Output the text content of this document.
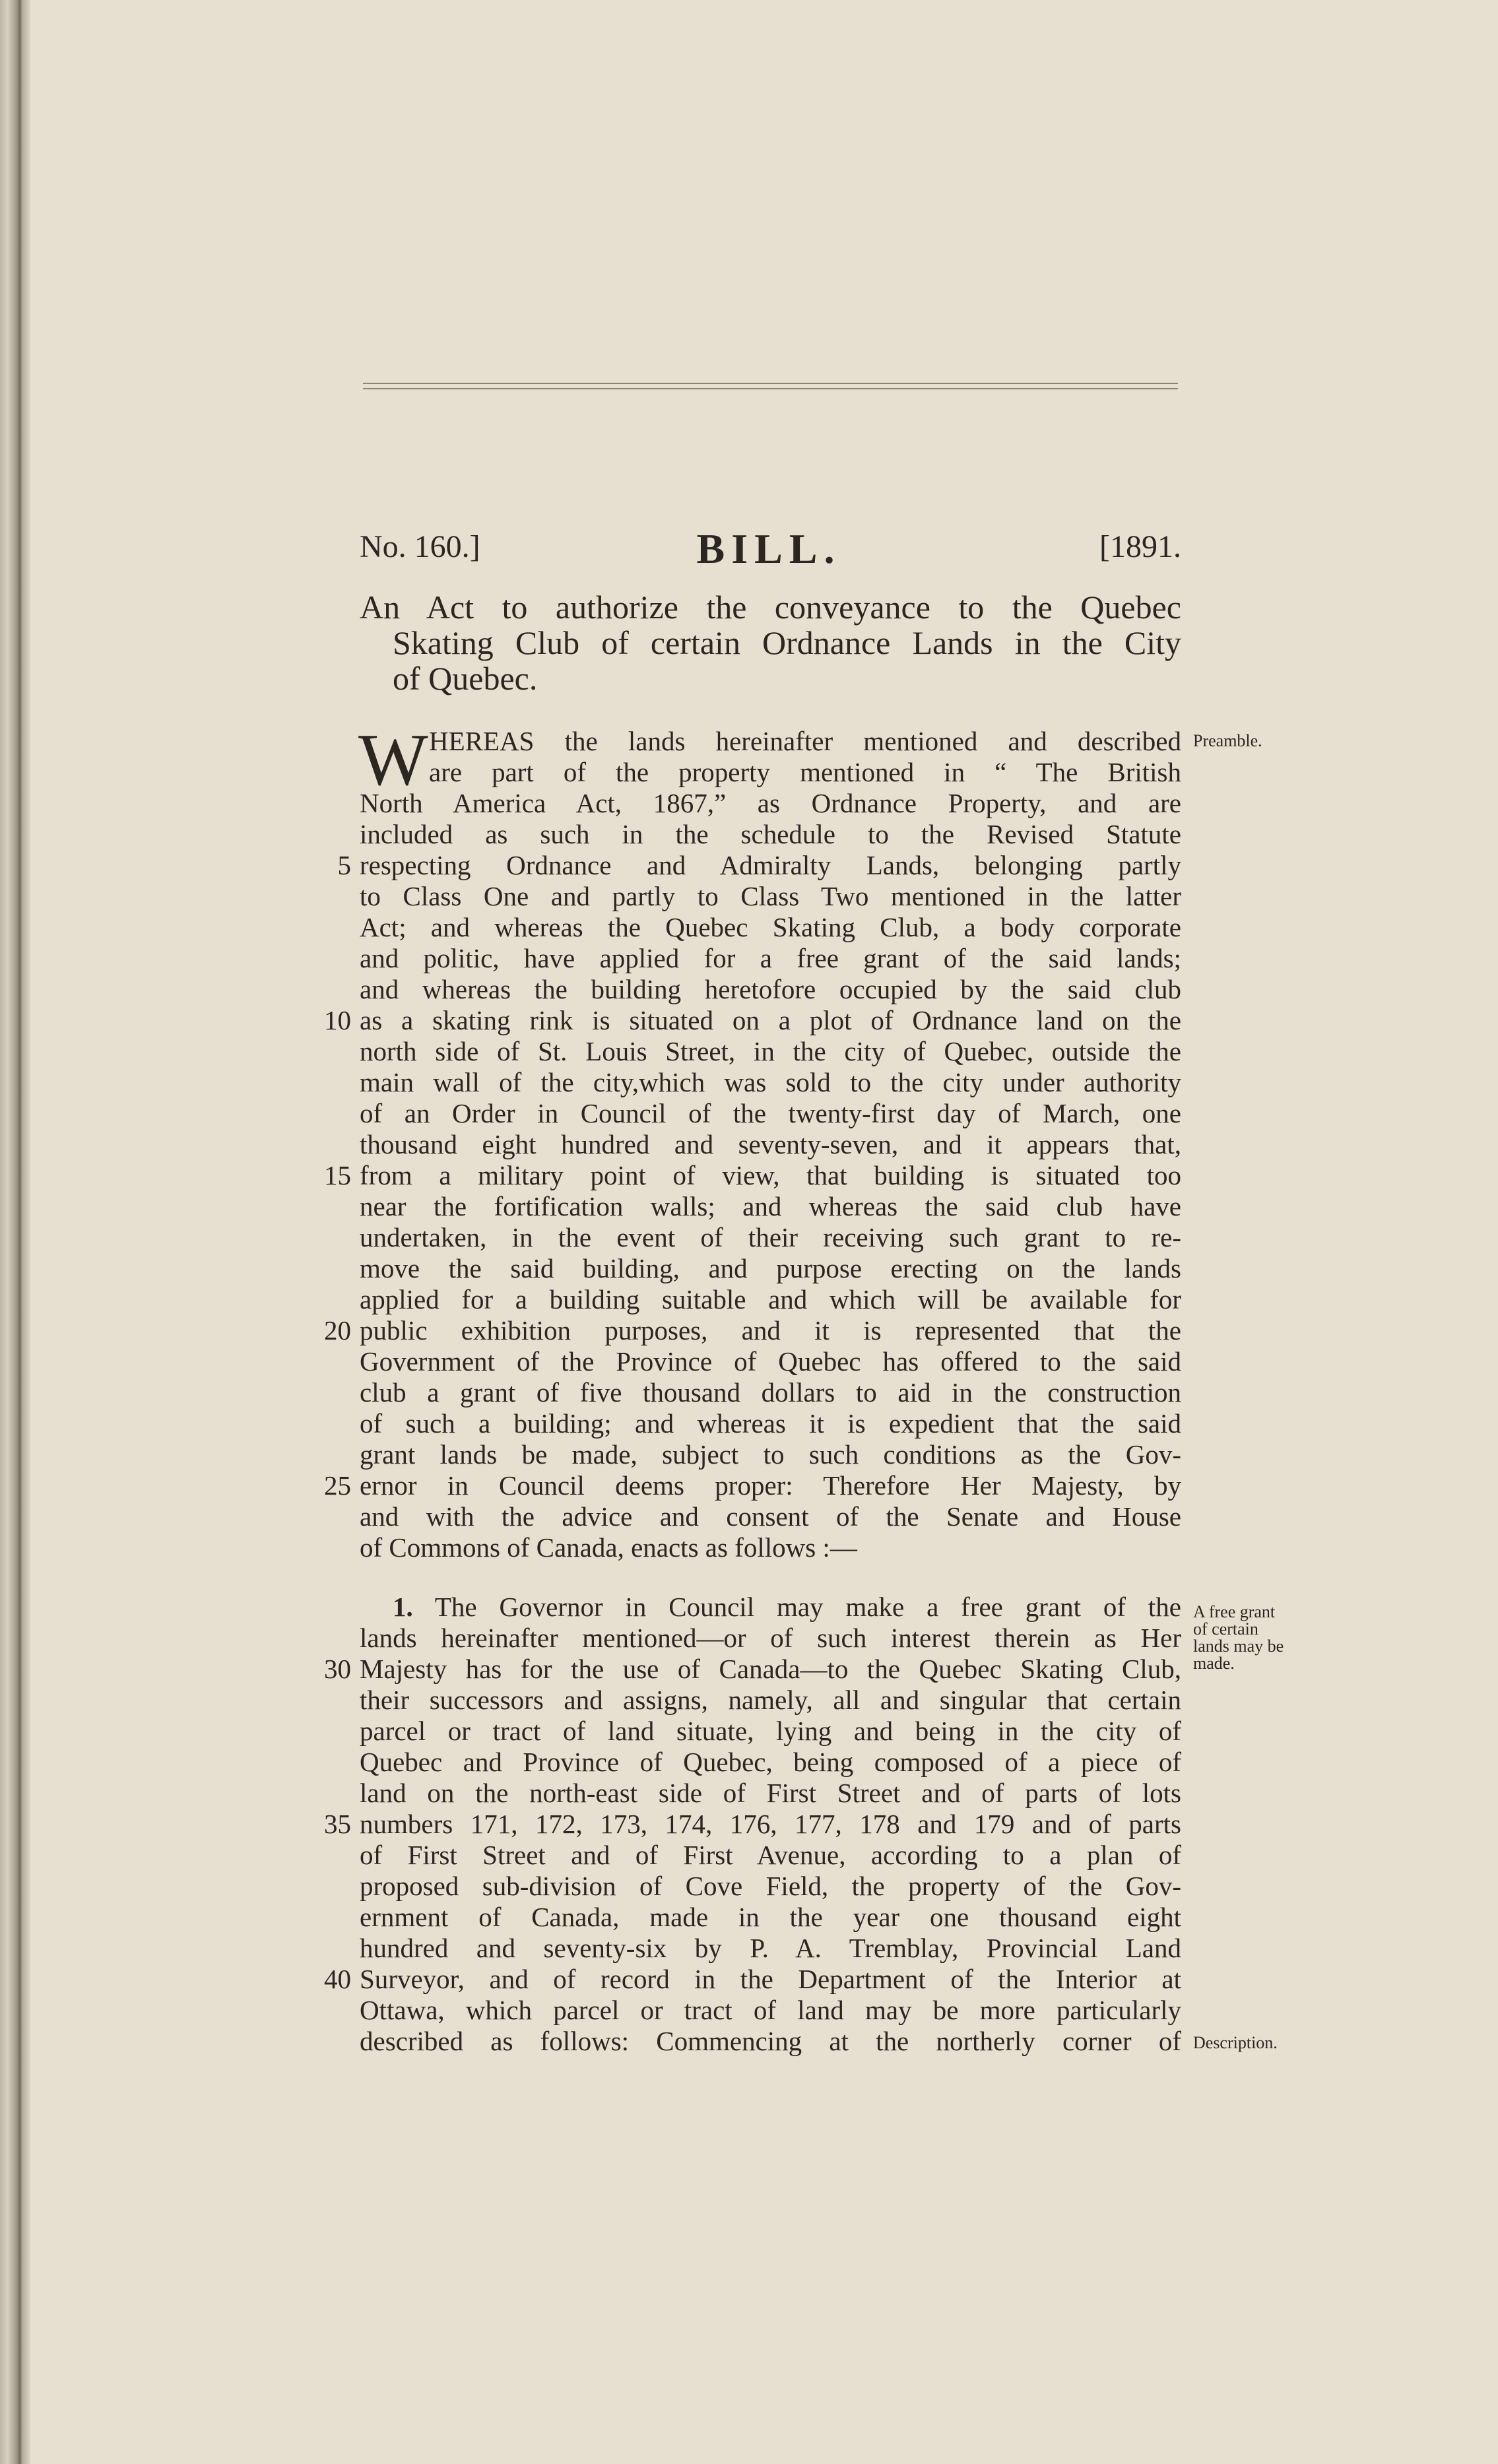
No. 160.]	BILL.	[1891.
An Act to authorize the conveyance to the Quebec
Skating Club of certain Ordnance Lands in the City
of Quebec.
W HEREAS the lands hereinafter mentioned and described
are part of the property mentioned in “ The British
North America Act, 1867,” as Ordnance Property, and are
included as such in the schedule to the Revised Statute
respecting Ordnance and Admiralty Lands, belonging partly
to Class One and partly to Class Two mentioned in the latter
Act; and whereas the Quebec Skating Club, a body corporate
and politic, have applied for a free grant of the said lands;
and whereas the building heretofore occupied by the said club
as a skating rink is situated on a plot of Ordnance land on the
north side of St. Louis Street, in the city of Quebec, outside the
main wall of the city,which was sold to the city under authority
of an Order in Council of the twenty-first day of March, one
thousand eight hundred and seventy-seven, and it appears that,
from a military point of view, that building is situated too
near the fortification walls; and whereas the said club have
undertaken, in the event of their receiving such grant to re-
move the said building, and purpose erecting on the lands
applied for a building suitable and which will be available for
public exhibition purposes, and it is represented that the
Government of the Province of Quebec has offered to the said
club a grant of five thousand dollars to aid in the construction
of such a building; and whereas it is expedient that the said
grant lands be made, subject to such conditions as the Gov-
ernor in Council deems proper: Therefore Her Majesty, by
and with the advice and consent of the Senate and House
of Commons of Canada, enacts as follows :—
5
10
15
20
25
Preamble.
1. The Governor in Council may make a free grant of the
lands hereinafter mentioned—or of such interest therein as Her
Majesty has for the use of Canada—to the Quebec Skating Club,
their successors and assigns, namely, all and singular that certain
parcel or tract of land situate, lying and being in the city of
Quebec and Province of Quebec, being composed of a piece of
land on the north-east side of First Street and of parts of lots
numbers 171, 172, 173, 174, 176, 177, 178 and 179 and of parts
of First Street and of First Avenue, according to a plan of
proposed sub-division of Cove Field, the property of the Gov-
ernment of Canada, made in the year one thousand eight
hundred and seventy-six by P. A. Tremblay, Provincial Land
Surveyor, and of record in the Department of the Interior at
Ottawa, which parcel or tract of land may be more particularly
described as follows: Commencing at the northerly corner of
30
35
40
A free grant
of certain
lands may be
made.
Description.
